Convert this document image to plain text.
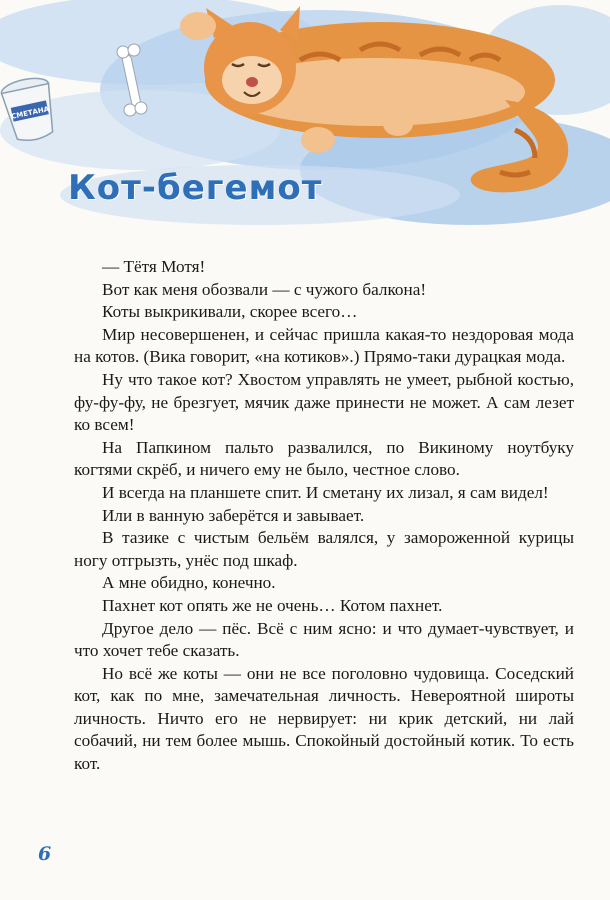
СМЕТАНА
Кот-бегемот

— Тётя Мотя!

Вот как меня обозвали — с чужого балкона!

Коты выкрикивали, скорее всего…

Мир несовершенен, и сейчас пришла какая-то нездоровая мода на котов. (Вика говорит, «на котиков».) Прямо-таки дурацкая мода.

Ну что такое кот? Хвостом управлять не умеет, рыбной костью, фу-фу-фу, не брезгует, мячик даже принести не может. А сам лезет ко всем!

На Папкином пальто развалился, по Викиному ноутбуку когтями скрёб, и ничего ему не было, честное слово.

И всегда на планшете спит. И сметану их лизал, я сам видел!

Или в ванную заберётся и завывает.

В тазике с чистым бельём валялся, у замороженной курицы ногу отгрызть, унёс под шкаф.

А мне обидно, конечно.

Пахнет кот опять же не очень… Котом пахнет.

Другое дело — пёс. Всё с ним ясно: и что думает-чувствует, и что хочет тебе сказать.

Но всё же коты — они не все поголовно чудовища. Соседский кот, как по мне, замечательная личность. Невероятной широты личность. Ничто его не нервирует: ни крик детский, ни лай собачий, ни тем более мышь. Спокойный достойный котик. То есть кот.

6
